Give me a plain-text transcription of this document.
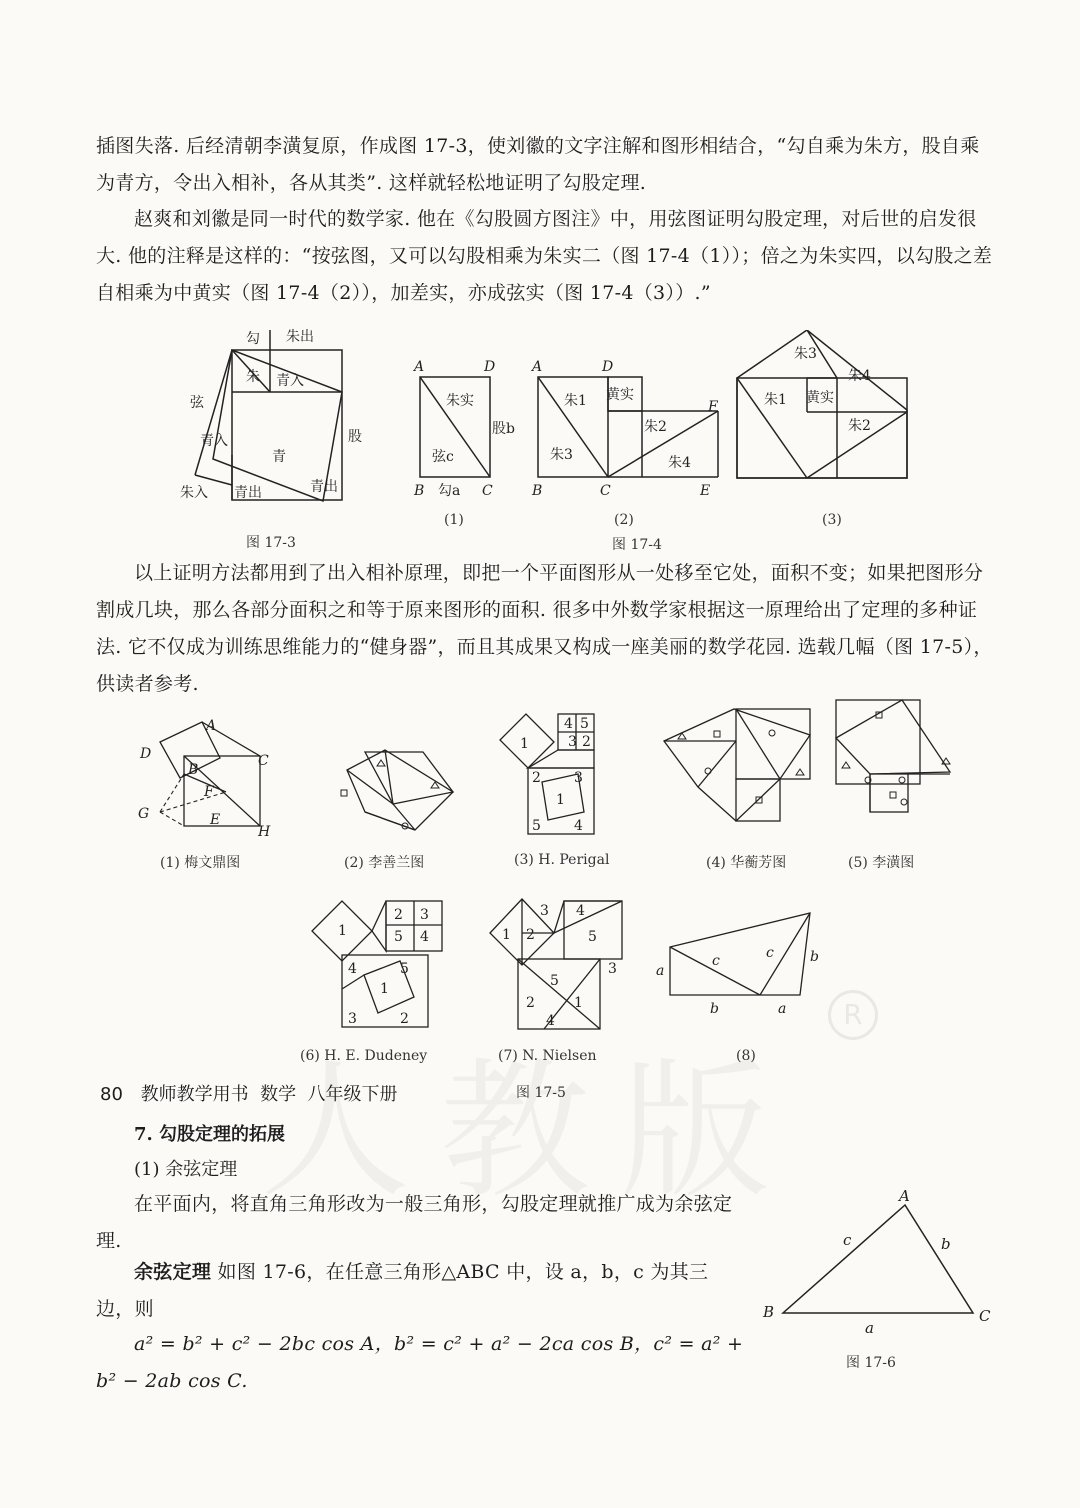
R
插图失落. 后经清朝李潢复原，作成图 17-3，使刘徽的文字注解和图形相结合，“勾自乘为朱方，股自乘为青方，令出入相补，各从其类”. 这样就轻松地证明了勾股定理.
赵爽和刘徽是同一时代的数学家. 他在《勾股圆方图注》中，用弦图证明勾股定理，对后世的启发很大. 他的注释是这样的：“按弦图，又可以勾股相乘为朱实二（图 17-4（1））；倍之为朱实四，以勾股之差自相乘为中黄实（图 17-4（2）），加差实，亦成弦实（图 17-4（3））.”
勾 朱出
朱 青入
弦
股
青入
青
朱入 青出	青出
图 17-3
A	D
B	C
朱实
股b
弦c
勾a
(1)
A	D
B	C	E
F
朱1 黄实
朱2
朱3	朱4
(2)
朱3
朱4
朱1 黄实
朱2
(3)
图 17-4
以上证明方法都用到了出入相补原理，即把一个平面图形从一处移至它处，面积不变；如果把图形分割成几块，那么各部分面积之和等于原来图形的面积. 很多中外数学家根据这一原理给出了定理的多种证法. 它不仅成为训练思维能力的“健身器”，而且其成果又构成一座美丽的数学花园. 选载几幅（图 17-5），供读者参考.
A
D	C
B
F
G	E
H
(1) 梅文鼎图	(2) 李善兰图
1
4 5
3 2
2 3
1
5 4
(3) H. Perigal	(4) 华蘅芳图	(5) 李潢图
1
2 3
5 4
4	5
1
3	2
(6) H. E. Dudeney
1 2
3 4
5
3
5
2	1
4
(7) N. Nielsen
a
c	c	b
b	a
(8)
图 17-5
7. 勾股定理的拓展
(1) 余弦定理
在平面内，将直角三角形改为一般三角形，勾股定理就推广成为余弦定理.
余弦定理 如图 17-6，在任意三角形△ABC 中，设 a，b，c 为其三边，则
a² = b² + c² − 2bc cos A，b² = c² + a² − 2ca cos B，c² = a² + b² − 2ab cos C.
A
B	C
c	b
a
图 17-6
80 教师教学用书  数学  八年级下册
